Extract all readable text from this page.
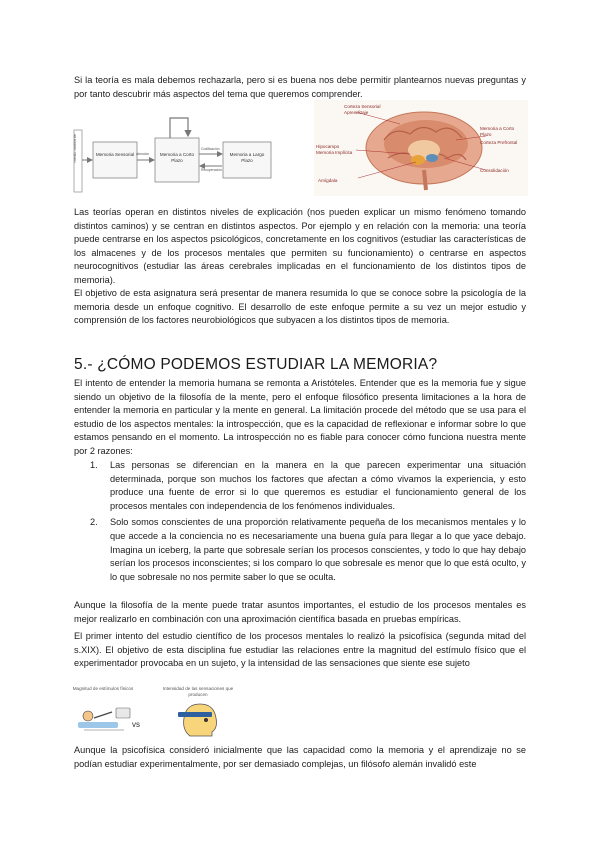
Si la teoría es mala debemos rechazarla, pero si es buena nos debe permitir plantearnos nuevas preguntas y por tanto descubrir más aspectos del tema que queremos comprender.

medio ambiente	Memoria Sensorial	Memoria a Corto Plazo
Memoria a Largo Plazo
Atención
Codificación
Recuperación
Corteza Sensorial
Aprendizaje
Hipocampo
Memoria Implícita
Amígdala
Memoria a Corto Plazo
Corteza Prefrontal
Consolidación

Las teorías operan en distintos niveles de explicación (nos pueden explicar un mismo fenómeno tomando distintos caminos) y se centran en distintos aspectos. Por ejemplo y en relación con la memoria: una teoría puede centrarse en los aspectos psicológicos, concretamente en los cognitivos (estudiar las características de los almacenes y de los procesos mentales que permiten su funcionamiento) o centrarse en aspectos neurocognitivos (estudiar las áreas cerebrales implicadas en el funcionamiento de los distintos tipos de memoria).

El objetivo de esta asignatura será presentar de manera resumida lo que se conoce sobre la psicología de la memoria desde un enfoque cognitivo. El desarrollo de este enfoque permite a su vez un mejor estudio y comprensión de los factores neurobiológicos que subyacen a los distintos tipos de memoria.

5.- ¿CÓMO PODEMOS ESTUDIAR LA MEMORIA?

El intento de entender la memoria humana se remonta a Aristóteles. Entender que es la memoria fue y sigue siendo un objetivo de la filosofía de la mente, pero el enfoque filosófico presenta limitaciones a la hora de entender la memoria en particular y la mente en general. La limitación procede del método que se usa para el estudio de los aspectos mentales: la introspección, que es la capacidad de reflexionar e informar sobre lo que estamos pensando en el momento. La introspección no es fiable para conocer cómo funciona nuestra mente por 2 razones:

1. Las personas se diferencian en la manera en la que parecen experimentar una situación determinada, porque son muchos los factores que afectan a cómo vivamos la experiencia, y esto produce una fuente de error si lo que queremos es estudiar el funcionamiento general de los procesos mentales con independencia de los fenómenos individuales.
2. Solo somos conscientes de una proporción relativamente pequeña de los mecanismos mentales y lo que accede a la conciencia no es necesariamente una buena guía para llegar a lo que yace debajo. Imagina un iceberg, la parte que sobresale serían los procesos conscientes, y todo lo que hay debajo serían los procesos inconscientes; si los comparo lo que sobresale es menor que lo que está oculto, y lo que sobresale no nos permite saber lo que se oculta.

Aunque la filosofía de la mente puede tratar asuntos importantes, el estudio de los procesos mentales es mejor realizarlo en combinación con una aproximación científica basada en pruebas empíricas.

El primer intento del estudio científico de los procesos mentales lo realizó la psicofísica (segunda mitad del s.XIX). El objetivo de esta disciplina fue estudiar las relaciones entre la magnitud del estímulo físico que el experimentador provocaba en un sujeto, y la intensidad de las sensaciones que siente ese sujeto

Magnitud de estímulos físicos
vs
Intensidad de las sensaciones que producen

Aunque la psicofísica consideró inicialmente que las capacidad como la memoria y el aprendizaje no se podían estudiar experimentalmente, por ser demasiado complejas, un filósofo alemán invalidó este
